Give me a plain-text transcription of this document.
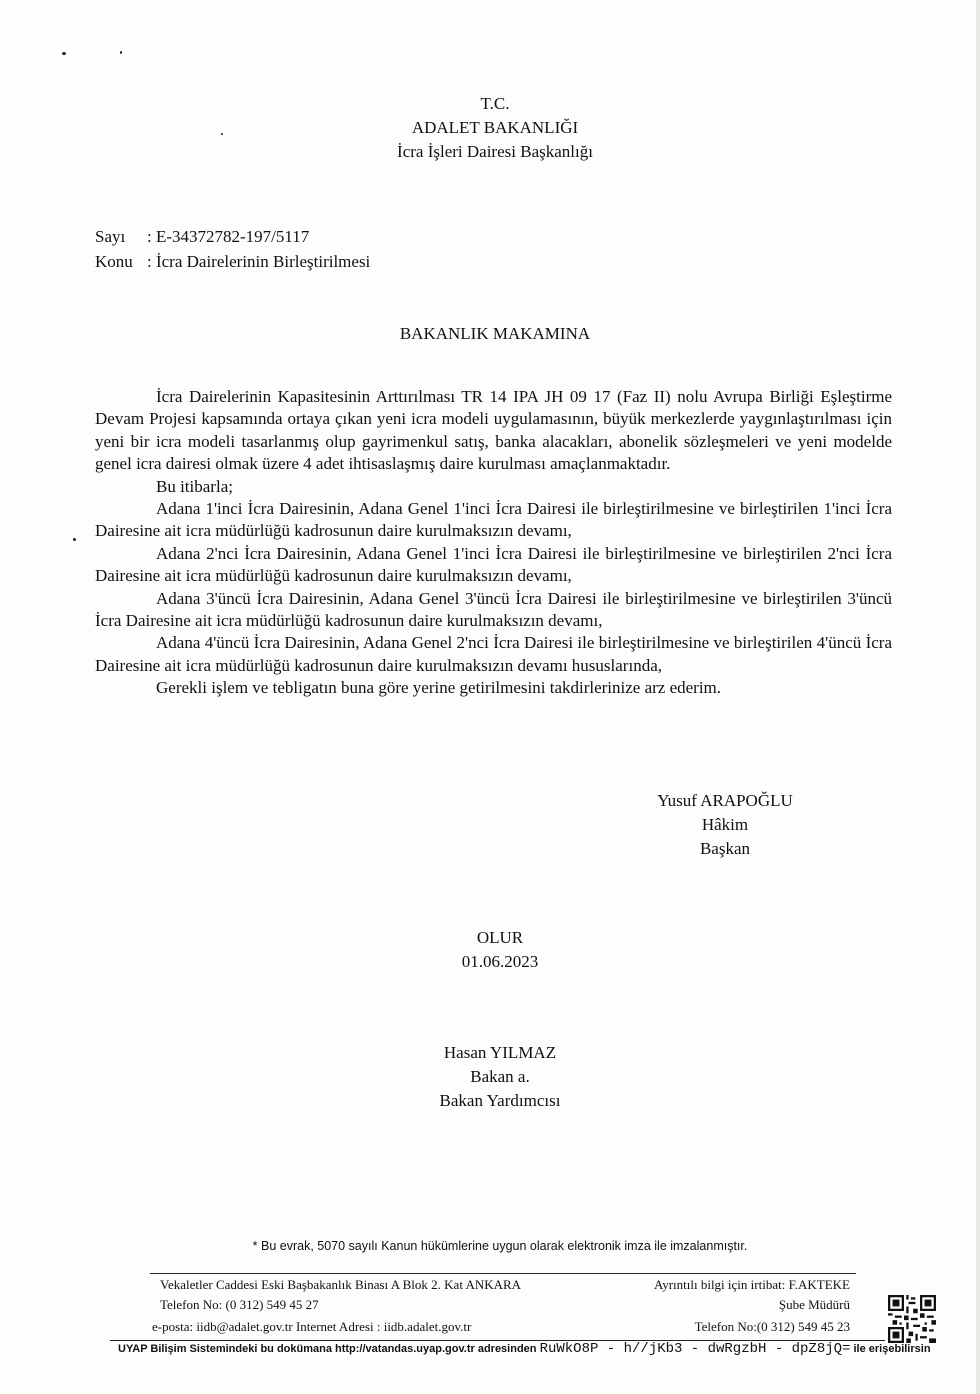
T.C.
ADALET BAKANLIĞI
İcra İşleri Dairesi Başkanlığı
Sayı : E-34372782-197/5117
Konu : İcra Dairelerinin Birleştirilmesi
BAKANLIK MAKAMINA

İcra Dairelerinin Kapasitesinin Arttırılması TR 14 IPA JH 09 17 (Faz II) nolu Avrupa Birliği Eşleştirme Devam Projesi kapsamında ortaya çıkan yeni icra modeli uygulamasının, büyük merkezlerde yaygınlaştırılması için yeni bir icra modeli tasarlanmış olup gayrimenkul satış, banka alacakları, abonelik sözleşmeleri ve yeni modelde genel icra dairesi olmak üzere 4 adet ihtisaslaşmış daire kurulması amaçlanmaktadır.

Bu itibarla;

Adana 1'inci İcra Dairesinin, Adana Genel 1'inci İcra Dairesi ile birleştirilmesine ve birleştirilen 1'inci İcra Dairesine ait icra müdürlüğü kadrosunun daire kurulmaksızın devamı,

Adana 2'nci İcra Dairesinin, Adana Genel 1'inci İcra Dairesi ile birleştirilmesine ve birleştirilen 2'nci İcra Dairesine ait icra müdürlüğü kadrosunun daire kurulmaksızın devamı,

Adana 3'üncü İcra Dairesinin, Adana Genel 3'üncü İcra Dairesi ile birleştirilmesine ve birleştirilen 3'üncü İcra Dairesine ait icra müdürlüğü kadrosunun daire kurulmaksızın devamı,

Adana 4'üncü İcra Dairesinin, Adana Genel 2'nci İcra Dairesi ile birleştirilmesine ve birleştirilen 4'üncü İcra Dairesine ait icra müdürlüğü kadrosunun daire kurulmaksızın devamı hususlarında,

Gerekli işlem ve tebligatın buna göre yerine getirilmesini takdirlerinize arz ederim.

Yusuf ARAPOĞLU
Hâkim
Başkan
OLUR
01.06.2023
Hasan YILMAZ
Bakan a.
Bakan Yardımcısı
* Bu evrak, 5070 sayılı Kanun hükümlerine uygun olarak elektronik imza ile imzalanmıştır.
Vekaletler Caddesi Eski Başbakanlık Binası A Blok 2. Kat ANKARA
Telefon No: (0 312) 549 45 27
e-posta: iidb@adalet.gov.tr Internet Adresi : iidb.adalet.gov.tr
Ayrıntılı bilgi için irtibat: F.AKTEKE
Şube Müdürü
Telefon No:(0 312) 549 45 23
UYAP Bilişim Sistemindeki bu dokümana http://vatandas.uyap.gov.tr adresinden RuWkO8P - h//jKb3 - dwRgzbH - dpZ8jQ= ile erişebilirsin
